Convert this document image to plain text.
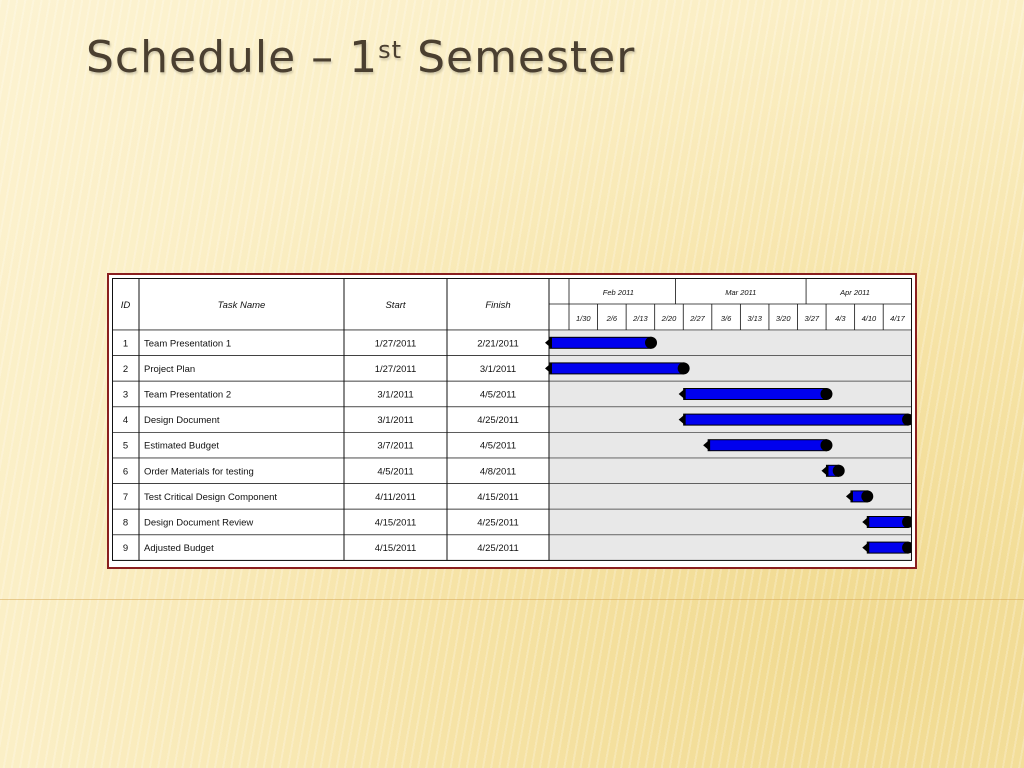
Schedule – 1st Semester
ID	Task Name	Start	Finish
Feb 2011	Mar 2011	Apr 2011
1/30 2/6 2/13 2/20 2/27 3/6 3/13 3/20 3/27 4/3 4/10 4/17
1 Team Presentation 1	1/27/2011	2/21/2011
2 Project Plan	1/27/2011	3/1/2011
3 Team Presentation 2	3/1/2011	4/5/2011
4 Design Document	3/1/2011	4/25/2011
5 Estimated Budget	3/7/2011	4/5/2011
6 Order Materials for testing	4/5/2011	4/8/2011
7 Test Critical Design Component	4/11/2011	4/15/2011
8 Design Document Review	4/15/2011	4/25/2011
9 Adjusted Budget	4/15/2011	4/25/2011
